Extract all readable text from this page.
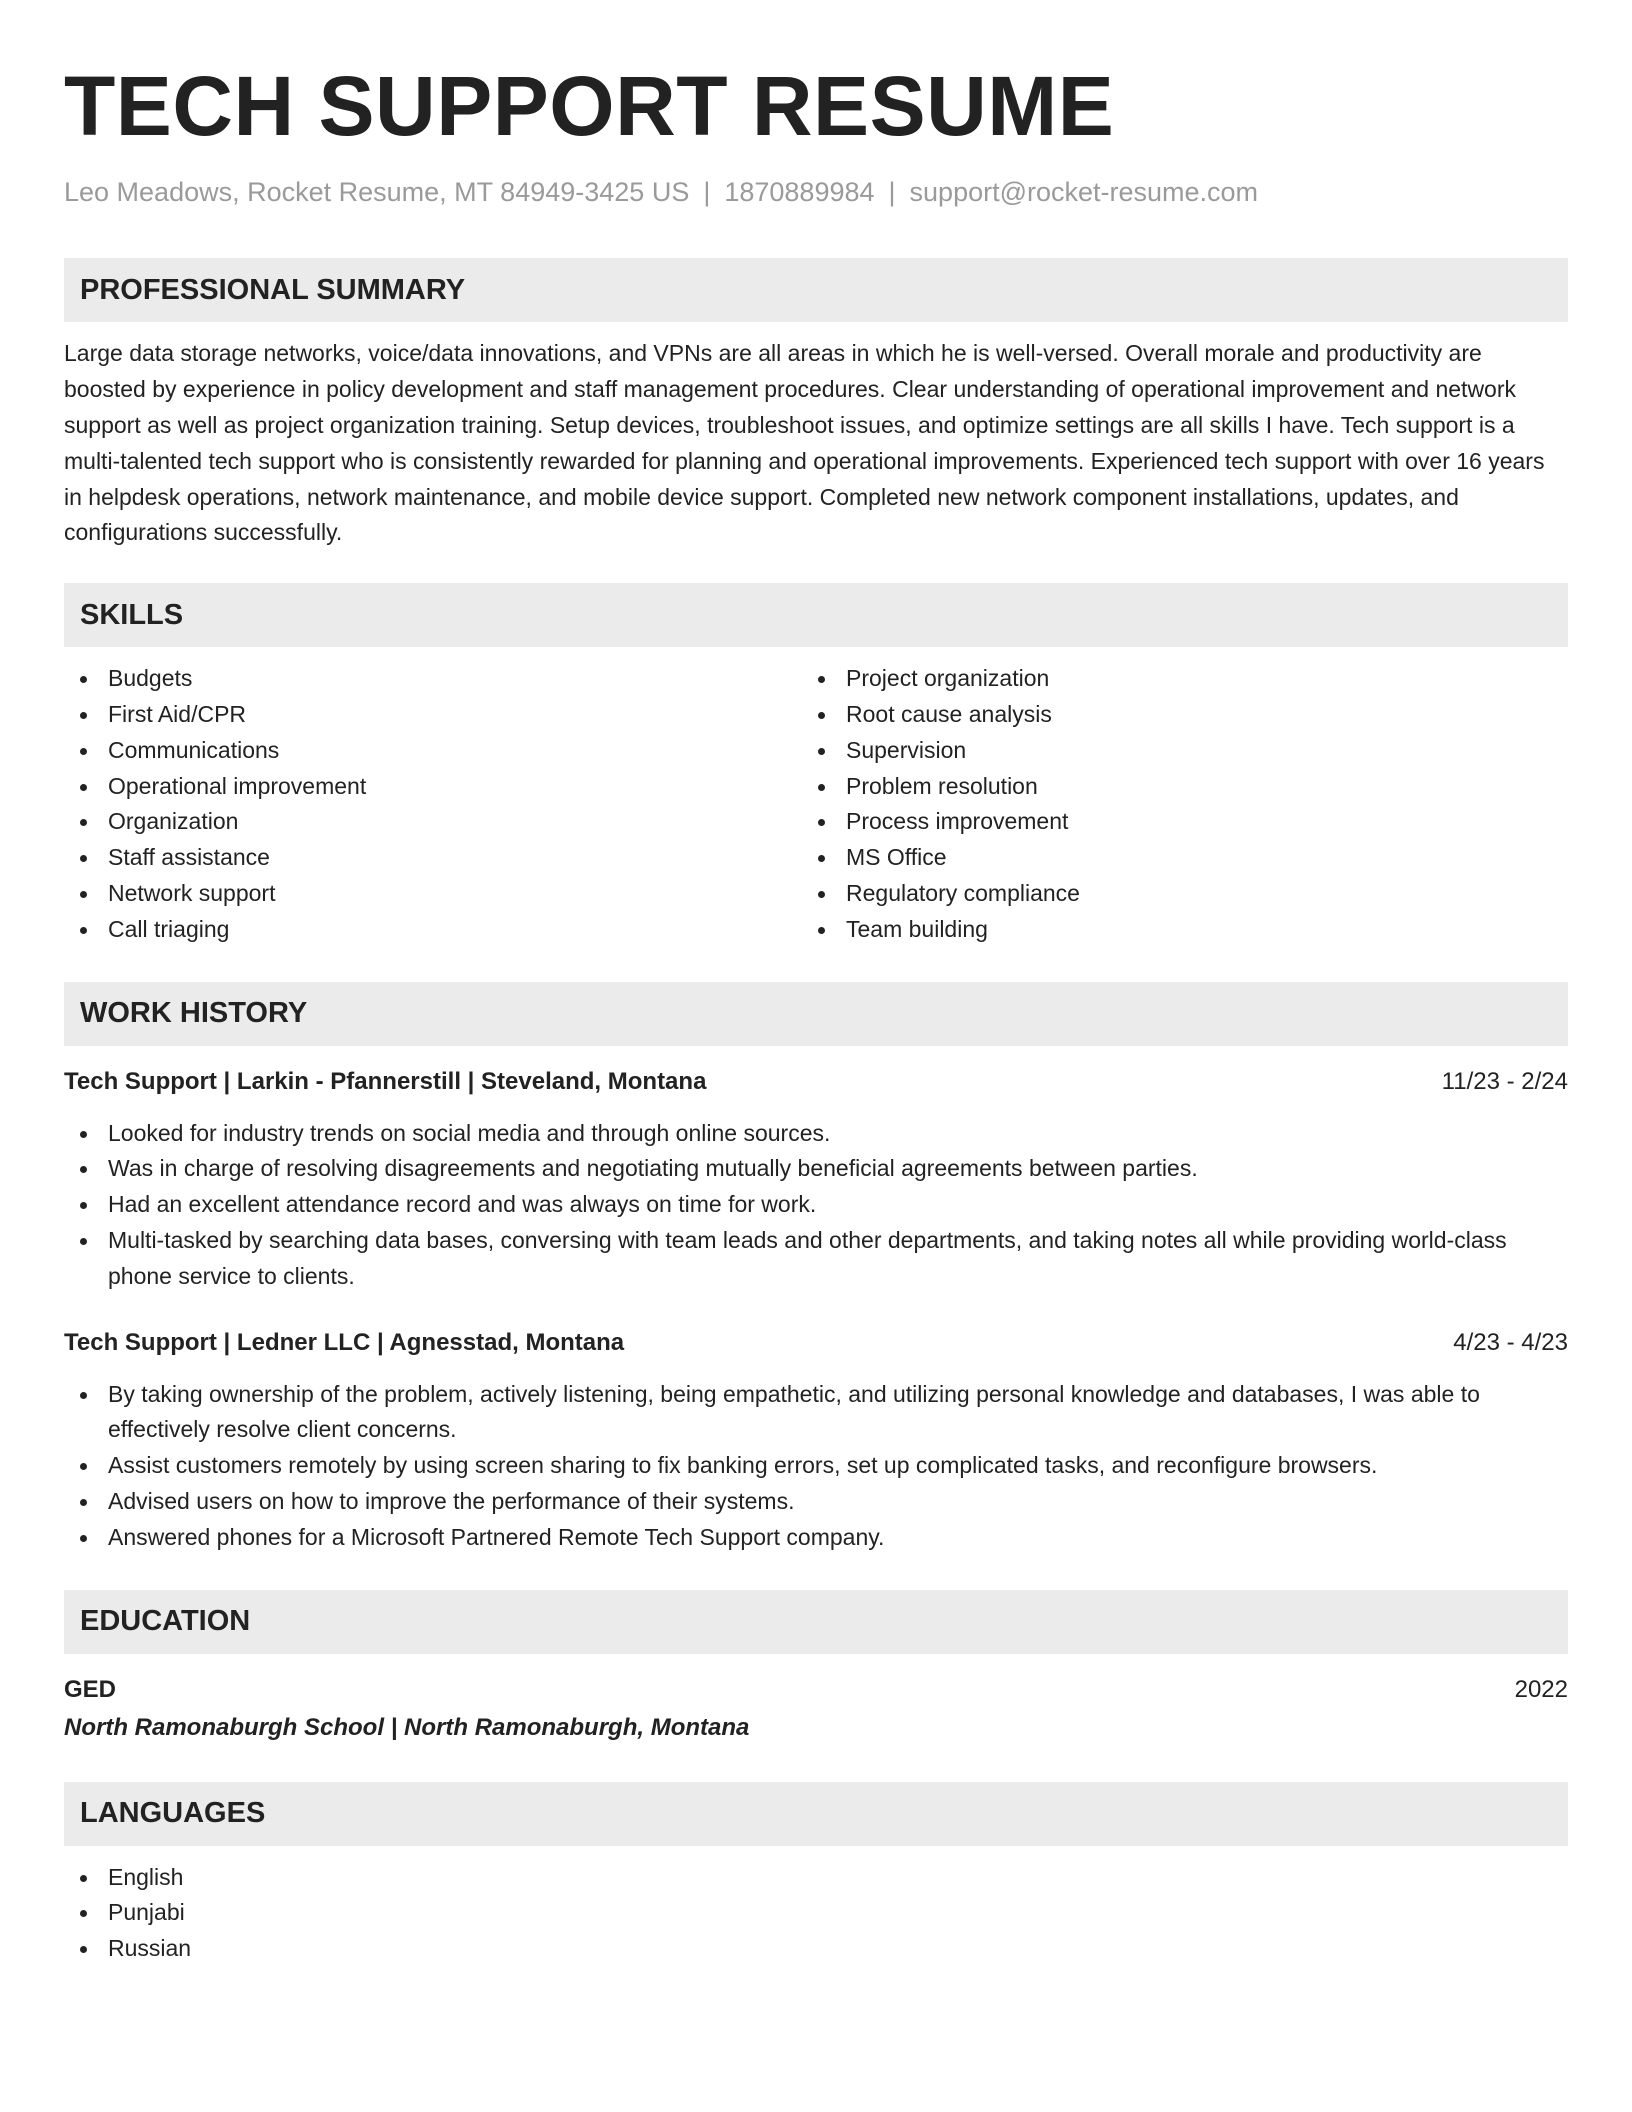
TECH SUPPORT RESUME
Leo Meadows, Rocket Resume, MT 84949-3425 US | 1870889984 | support@rocket-resume.com
PROFESSIONAL SUMMARY
Large data storage networks, voice/data innovations, and VPNs are all areas in which he is well-versed. Overall morale and productivity are boosted by experience in policy development and staff management procedures. Clear understanding of operational improvement and network support as well as project organization training. Setup devices, troubleshoot issues, and optimize settings are all skills I have. Tech support is a multi-talented tech support who is consistently rewarded for planning and operational improvements. Experienced tech support with over 16 years in helpdesk operations, network maintenance, and mobile device support. Completed new network component installations, updates, and configurations successfully.
SKILLS
Budgets
First Aid/CPR
Communications
Operational improvement
Organization
Staff assistance
Network support
Call triaging
Project organization
Root cause analysis
Supervision
Problem resolution
Process improvement
MS Office
Regulatory compliance
Team building
WORK HISTORY
Tech Support | Larkin - Pfannerstill | Steveland, Montana	11/23 - 2/24
Looked for industry trends on social media and through online sources.
Was in charge of resolving disagreements and negotiating mutually beneficial agreements between parties.
Had an excellent attendance record and was always on time for work.
Multi-tasked by searching data bases, conversing with team leads and other departments, and taking notes all while providing world-class phone service to clients.
Tech Support | Ledner LLC | Agnesstad, Montana	4/23 - 4/23
By taking ownership of the problem, actively listening, being empathetic, and utilizing personal knowledge and databases, I was able to effectively resolve client concerns.
Assist customers remotely by using screen sharing to fix banking errors, set up complicated tasks, and reconfigure browsers.
Advised users on how to improve the performance of their systems.
Answered phones for a Microsoft Partnered Remote Tech Support company.
EDUCATION
GED	2022
North Ramonaburgh School | North Ramonaburgh, Montana
LANGUAGES
English
Punjabi
Russian
